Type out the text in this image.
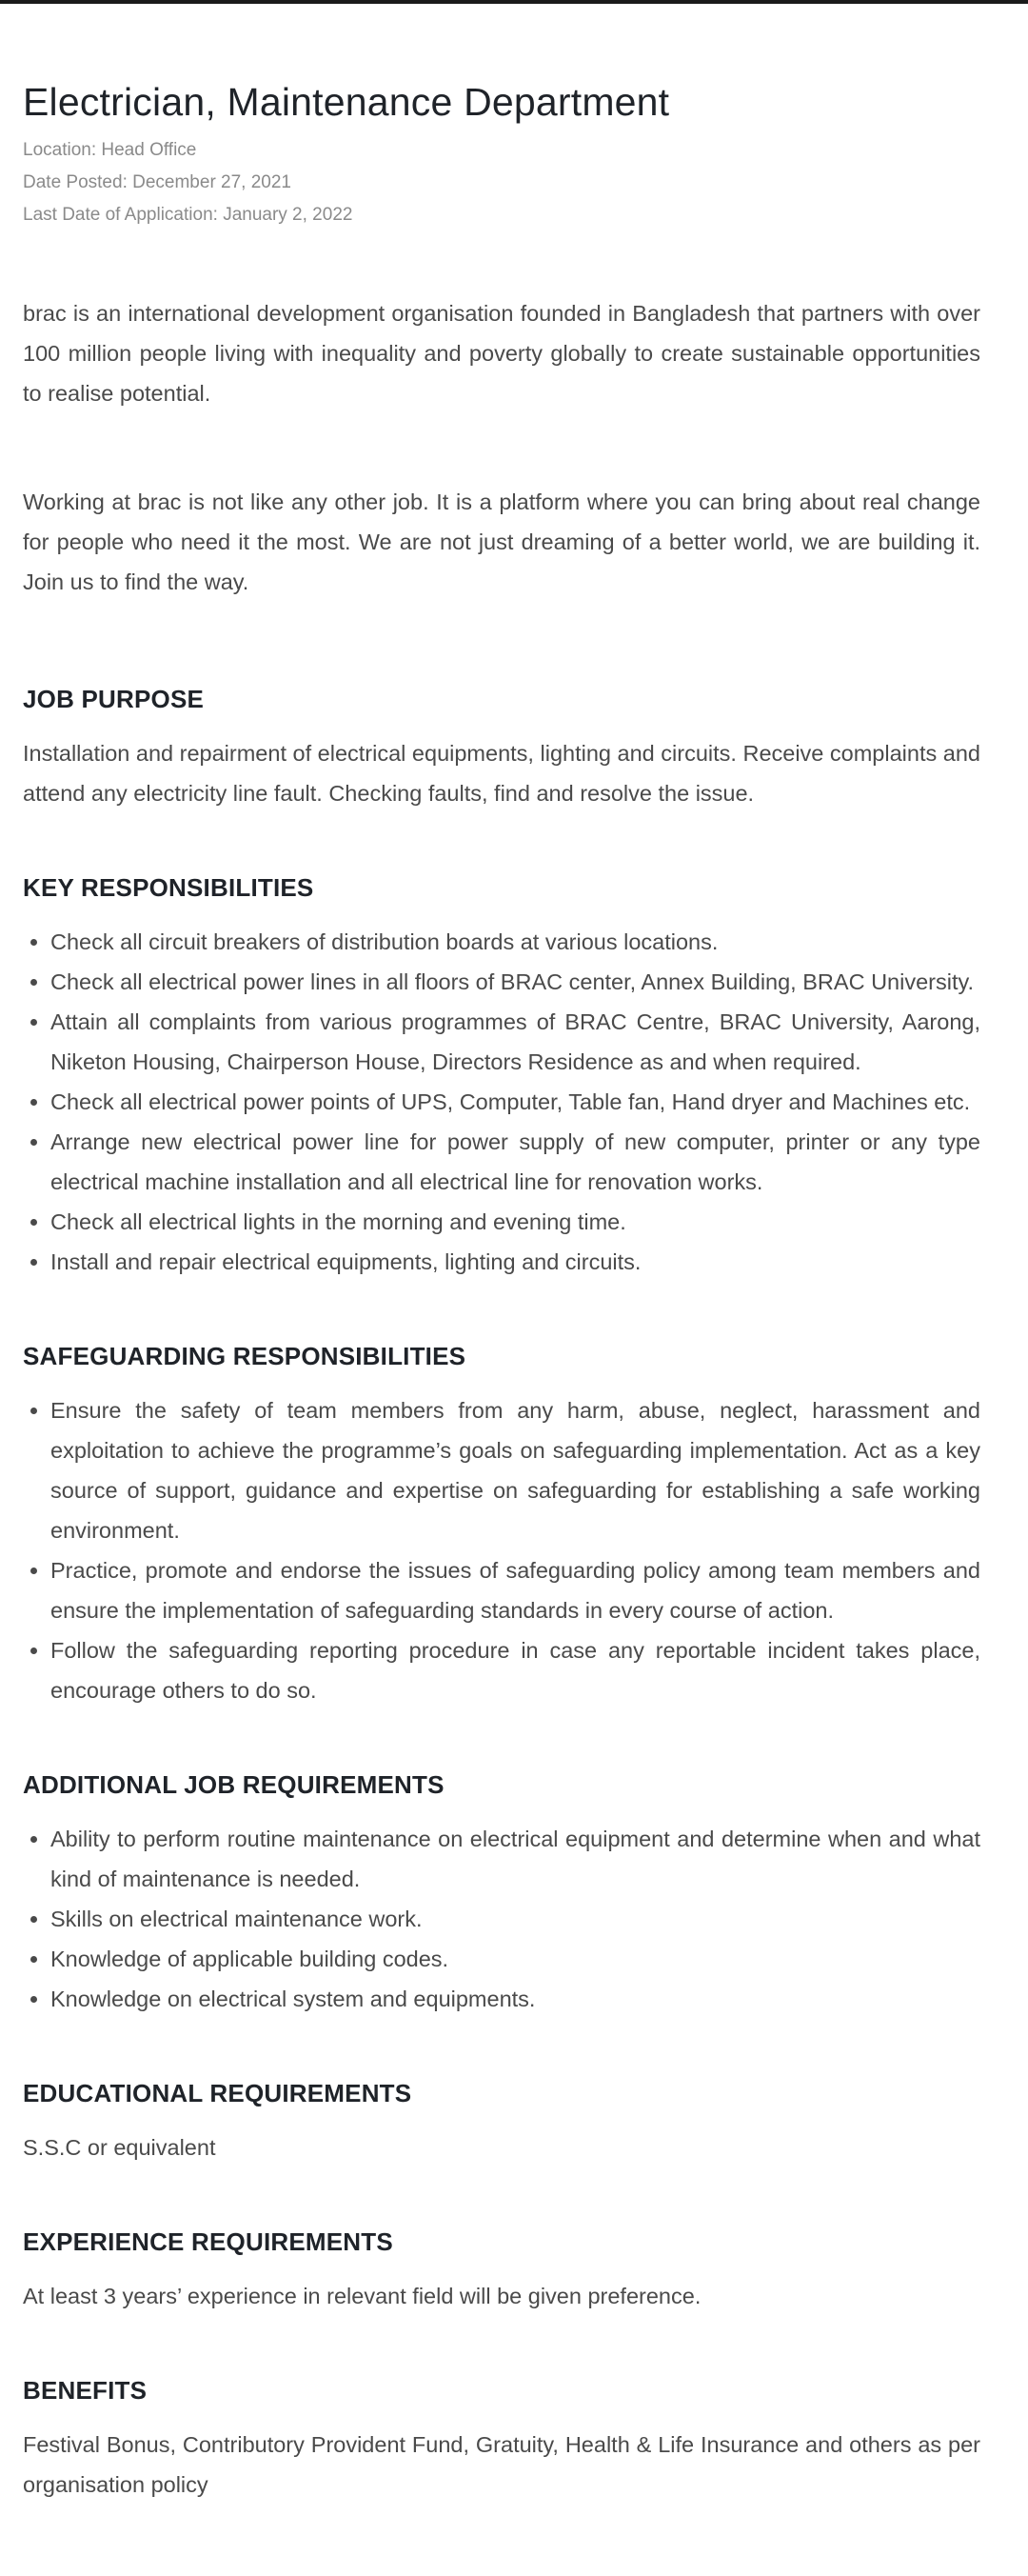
Electrician, Maintenance Department
Location: Head Office
Date Posted: December 27, 2021
Last Date of Application: January 2, 2022

brac is an international development organisation founded in Bangladesh that partners with over 100 million people living with inequality and poverty globally to create sustainable opportunities to realise potential.

Working at brac is not like any other job. It is a platform where you can bring about real change for people who need it the most. We are not just dreaming of a better world, we are building it. Join us to find the way.

JOB PURPOSE

Installation and repairment of electrical equipments, lighting and circuits. Receive complaints and attend any electricity line fault. Checking faults, find and resolve the issue.

KEY RESPONSIBILITIES
• Check all circuit breakers of distribution boards at various locations.
• Check all electrical power lines in all floors of BRAC center, Annex Building, BRAC University.
• Attain all complaints from various programmes of BRAC Centre, BRAC University, Aarong, Niketon Housing, Chairperson House, Directors Residence as and when required.
• Check all electrical power points of UPS, Computer, Table fan, Hand dryer and Machines etc.
• Arrange new electrical power line for power supply of new computer, printer or any type electrical machine installation and all electrical line for renovation works.
• Check all electrical lights in the morning and evening time.
• Install and repair electrical equipments, lighting and circuits.
SAFEGUARDING RESPONSIBILITIES
• Ensure the safety of team members from any harm, abuse, neglect, harassment and exploitation to achieve the programme’s goals on safeguarding implementation. Act as a key source of support, guidance and expertise on safeguarding for establishing a safe working environment.
• Practice, promote and endorse the issues of safeguarding policy among team members and ensure the implementation of safeguarding standards in every course of action.
• Follow the safeguarding reporting procedure in case any reportable incident takes place, encourage others to do so.
ADDITIONAL JOB REQUIREMENTS
• Ability to perform routine maintenance on electrical equipment and determine when and what kind of maintenance is needed.
• Skills on electrical maintenance work.
• Knowledge of applicable building codes.
• Knowledge on electrical system and equipments.
EDUCATIONAL REQUIREMENTS

S.S.C or equivalent

EXPERIENCE REQUIREMENTS

At least 3 years’ experience in relevant field will be given preference.

BENEFITS

Festival Bonus, Contributory Provident Fund, Gratuity, Health & Life Insurance and others as per organisation policy
